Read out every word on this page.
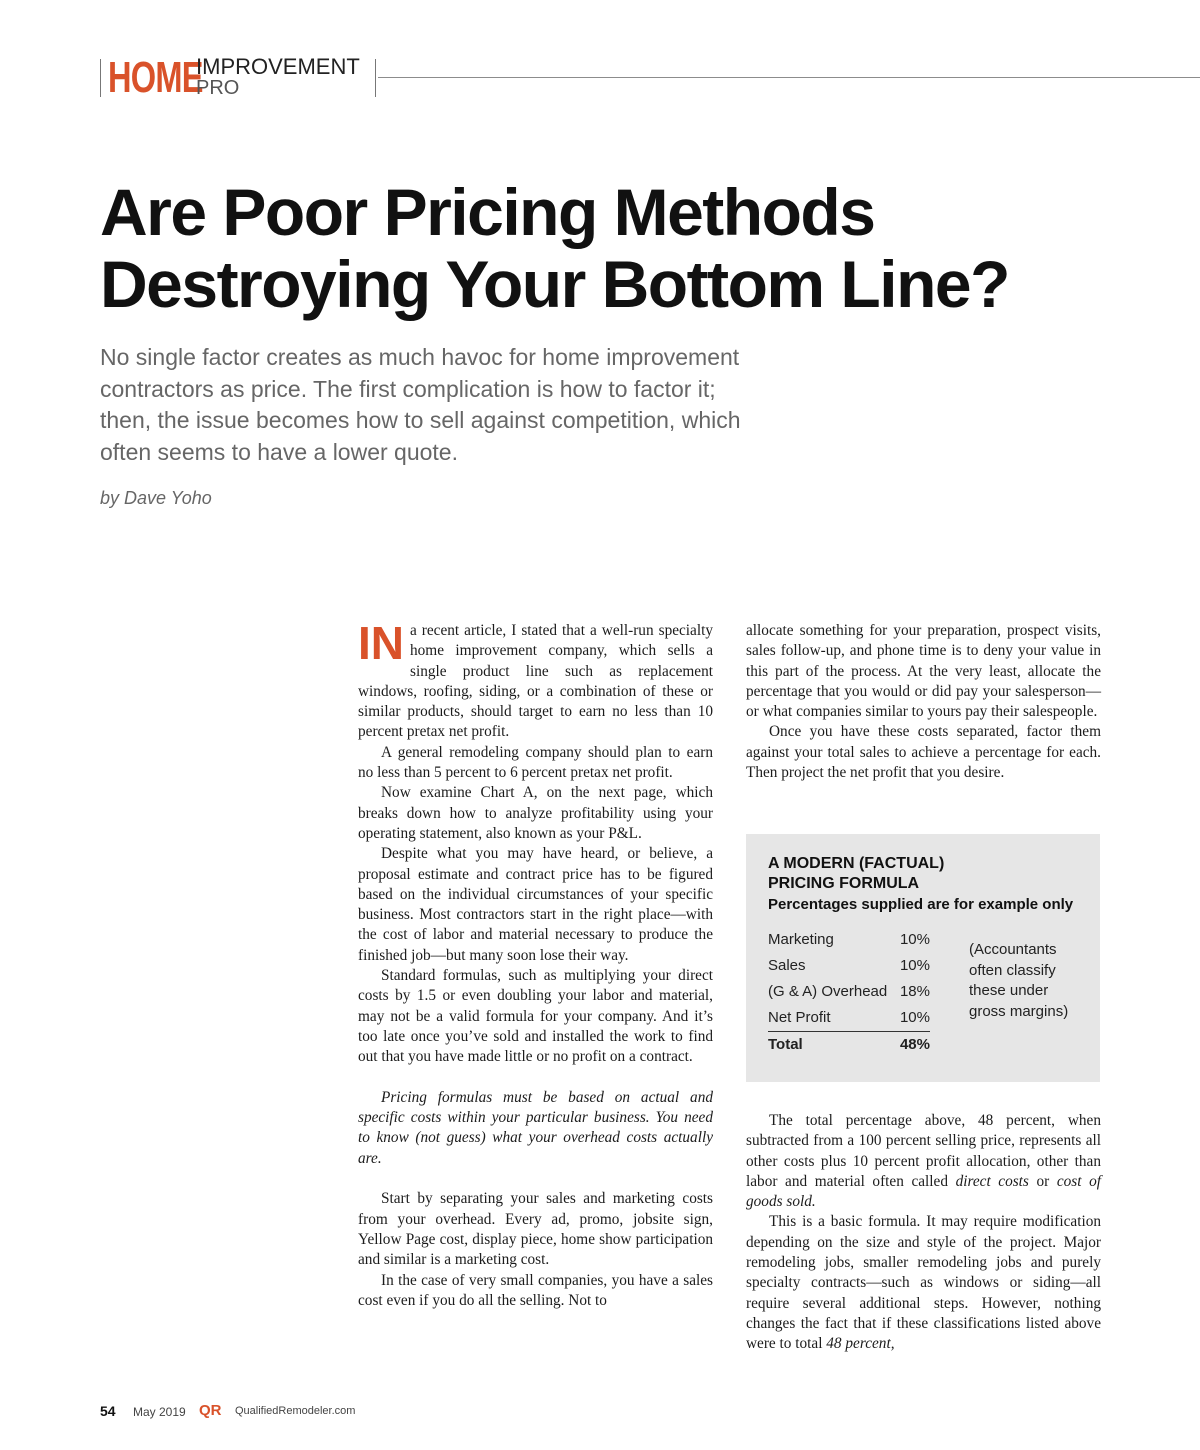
HOME
IMPROVEMENT
PRO
Are Poor Pricing Methods
Destroying Your Bottom Line?

No single factor creates as much havoc for home improvement
contractors as price. The first complication is how to factor it;
then, the issue becomes how to sell against competition, which
often seems to have a lower quote.

by Dave Yoho

IN a recent article, I stated that a well-run specialty home improvement company, which sells a single product line such as replacement windows, roofing, siding, or a combination of these or similar products, should target to earn no less than 10 percent pretax net profit.

A general remodeling company should plan to earn no less than 5 percent to 6 percent pretax net profit.

Now examine Chart A, on the next page, which breaks down how to analyze profitability using your operating statement, also known as your P&L.

Despite what you may have heard, or believe, a proposal estimate and contract price has to be figured based on the individual circumstances of your specific business. Most contractors start in the right place—with the cost of labor and material necessary to produce the finished job—but many soon lose their way.

Standard formulas, such as multiplying your direct costs by 1.5 or even doubling your labor and material, may not be a valid formula for your company. And it’s too late once you’ve sold and installed the work to find out that you have made little or no profit on a contract.

Pricing formulas must be based on actual and specific costs within your particular business. You need to know (not guess) what your overhead costs actually are.

Start by separating your sales and marketing costs from your overhead. Every ad, promo, jobsite sign, Yellow Page cost, display piece, home show participation and similar is a marketing cost.

In the case of very small companies, you have a sales cost even if you do all the selling. Not to

allocate something for your preparation, prospect visits, sales follow-up, and phone time is to deny your value in this part of the process. At the very least, allocate the percentage that you would or did pay your salesperson—or what companies similar to yours pay their salespeople.

Once you have these costs separated, factor them against your total sales to achieve a percentage for each. Then project the net profit that you desire.

A MODERN (FACTUAL)
PRICING FORMULA
Percentages supplied are for example only
Marketing	10%
Sales	10%
(G & A) Overhead 18%
Net Profit	10%
Total	48%
(Accountants often classify these under gross margins)

The total percentage above, 48 percent, when subtracted from a 100 percent selling price, represents all other costs plus 10 percent profit allocation, other than labor and material often called direct costs or cost of goods sold.

This is a basic formula. It may require modification depending on the size and style of the project. Major remodeling jobs, smaller remodeling jobs and purely specialty contracts—such as windows or siding—all require several additional steps. However, nothing changes the fact that if these classifications listed above were to total 48 percent,

54 May 2019 QR QualifiedRemodeler.com
